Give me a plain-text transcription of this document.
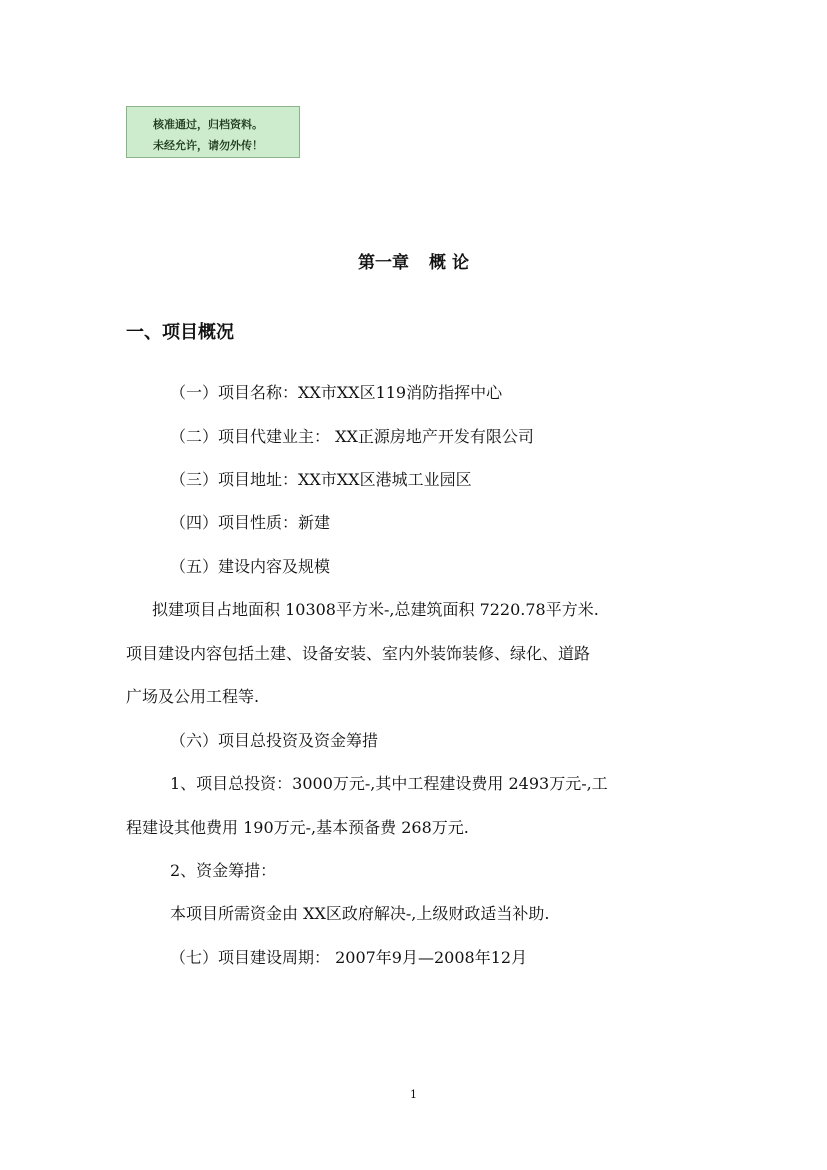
核准通过，归档资料。
未经允许，请勿外传！
第一章 概 论
一、项目概况
（一）项目名称：XX市XX区119消防指挥中心
（二）项目代建业主： XX正源房地产开发有限公司
（三）项目地址：XX市XX区港城工业园区
（四）项目性质：新建
（五）建设内容及规模
拟建项目占地面积 10308平方米-,总建筑面积 7220.78平方米.
项目建设内容包括土建、设备安装、室内外装饰装修、绿化、道路
广场及公用工程等.
（六）项目总投资及资金筹措
1、项目总投资：3000万元-,其中工程建设费用 2493万元-,工
程建设其他费用 190万元-,基本预备费 268万元.
2、资金筹措：
本项目所需资金由 XX区政府解决-,上级财政适当补助.
（七）项目建设周期： 2007年9月—2008年12月
1
